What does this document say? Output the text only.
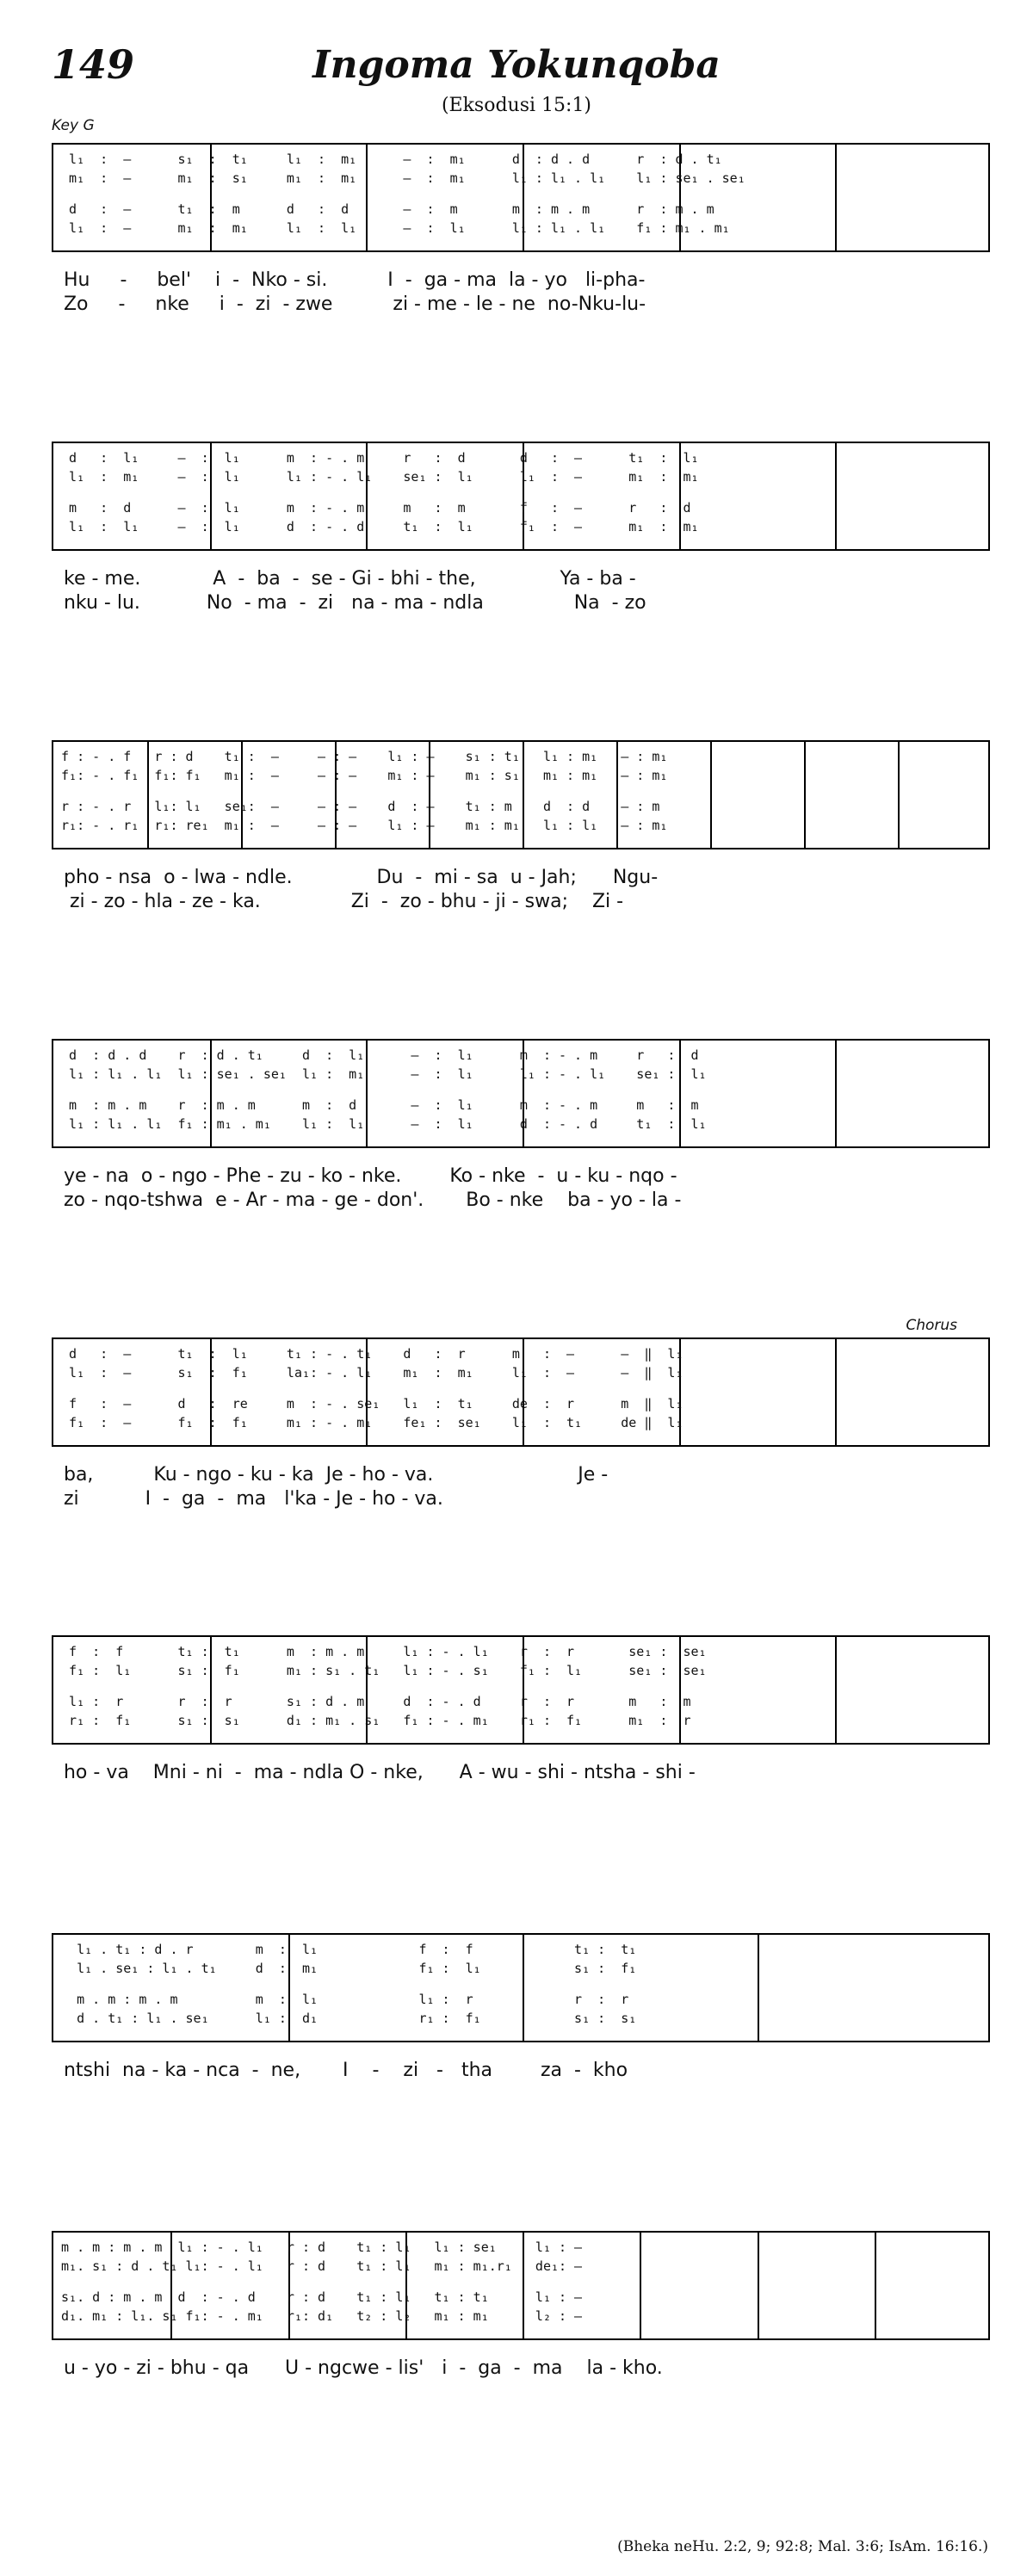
149	Ingoma Yokunqoba
(Eksodusi 15:1)
Key G
l₁  :  —      s₁  :  t₁     l₁  :  m₁      —  :  m₁      d  : d . d      r  : d . t₁
m₁  :  —      m₁  :  s₁     m₁  :  m₁      —  :  m₁      l₁ : l₁ . l₁    l₁ : se₁ . se₁
d   :  —      t₁  :  m      d   :  d       —  :  m       m  : m . m      r  : m . m
l₁  :  —      m₁  :  m₁     l₁  :  l₁      —  :  l₁      l₁ : l₁ . l₁    f₁ : m₁ . m₁
Hu     -     bel'    i  -  Nko - si.          I  -  ga - ma  la - yo   li-pha-
Zo     -     nke     i  -  zi  - zwe          zi - me - le - ne  no-Nku-lu-
d   :  l₁     —  :  l₁      m  : - . m     r   :  d       d   :  —      t₁  :  l₁
l₁  :  m₁     —  :  l₁      l₁ : - . l₁    se₁ :  l₁      l₁  :  —      m₁  :  m₁
m   :  d      —  :  l₁      m  : - . m     m   :  m       f   :  —      r   :  d
l₁  :  l₁     —  :  l₁      d  : - . d     t₁  :  l₁      f₁  :  —      m₁  :  m₁
ke - me.            A  -  ba  -  se - Gi - bhi - the,              Ya - ba -
nku - lu.           No  - ma  -  zi   na - ma - ndla               Na  - zo
f : - . f   r : d    t₁ :  —     — : —    l₁ : —    s₁ : t₁   l₁ : m₁   — : m₁
f₁: - . f₁  f₁: f₁   m₁ :  —     — : —    m₁ : —    m₁ : s₁   m₁ : m₁   — : m₁
r : - . r   l₁: l₁   se₁:  —     — : —    d  : —    t₁ : m    d  : d    — : m
r₁: - . r₁  r₁: re₁  m₁ :  —     — : —    l₁ : —    m₁ : m₁   l₁ : l₁   — : m₁
pho - nsa  o - lwa - ndle.              Du  -  mi - sa  u - Jah;      Ngu-
zi - zo - hla - ze - ka.               Zi  -  zo - bhu - ji - swa;    Zi -
d  : d . d    r  : d . t₁     d  :  l₁      —  :  l₁      m  : - . m     r   :  d
l₁ : l₁ . l₁  l₁ : se₁ . se₁  l₁ :  m₁      —  :  l₁      l₁ : - . l₁    se₁ :  l₁
m  : m . m    r  : m . m      m  :  d       —  :  l₁      m  : - . m     m   :  m
l₁ : l₁ . l₁  f₁ : m₁ . m₁    l₁ :  l₁      —  :  l₁      d  : - . d     t₁  :  l₁
ye - na  o - ngo - Phe - zu - ko - nke.        Ko - nke  -  u - ku - nqo -
zo - nqo-tshwa  e - Ar - ma - ge - don'.       Bo - nke    ba - yo - la -
d   :  —      t₁  :  l₁     t₁ : - . t₁    d   :  r      m   :  —      —  ‖  l₁
l₁  :  —      s₁  :  f₁     la₁: - . l₁    m₁  :  m₁     l₁  :  —      —  ‖  l₁
f   :  —      d   :  re     m  : - . se₁   l₁  :  t₁     de  :  r      m  ‖  l₁
f₁  :  —      f₁  :  f₁     m₁ : - . m₁    fe₁ :  se₁    l₁  :  t₁     de ‖  l₁
ba,          Ku - ngo - ku - ka  Je - ho - va.                        Je -
zi           I  -  ga  -  ma   l'ka - Je - ho - va.
Chorus
f  :  f       t₁ :  t₁      m  : m . m     l₁ : - . l₁    r  :  r       se₁ :  se₁
f₁ :  l₁      s₁ :  f₁      m₁ : s₁ . t₁   l₁ : - . s₁    f₁ :  l₁      se₁ :  se₁
l₁ :  r       r  :  r       s₁ : d . m     d  : - . d     r  :  r       m   :  m
r₁ :  f₁      s₁ :  s₁      d₁ : m₁ . s₁   f₁ : - . m₁    r₁ :  f₁      m₁  :  r
ho - va    Mni - ni  -  ma - ndla O - nke,      A - wu - shi - ntsha - shi -
l₁ . t₁ : d . r        m  :  l₁             f  :  f             t₁ :  t₁
l₁ . se₁ : l₁ . t₁     d  :  m₁             f₁ :  l₁            s₁ :  f₁
m . m : m . m          m  :  l₁             l₁ :  r             r  :  r
d . t₁ : l₁ . se₁      l₁ :  d₁             r₁ :  f₁            s₁ :  s₁
ntshi  na - ka - nca  -  ne,       I    -    zi   -   tha        za  -  kho
m . m : m . m  l₁ : - . l₁   r : d    t₁ : l₁   l₁ : se₁     l₁ : —
m₁. s₁ : d . t₁ l₁: - . l₁   r : d    t₁ : l₁   m₁ : m₁.r₁   de₁: —
s₁. d : m . m  d  : - . d    r : d    t₁ : l₁   t₁ : t₁      l₁ : —
d₁. m₁ : l₁. s₁ f₁: - . m₁   r₁: d₁   t₂ : l₂   m₁ : m₁      l₂ : —
u - yo - zi - bhu - qa      U - ngcwe - lis'   i  -  ga  -  ma    la - kho.
(Bheka neHu. 2:2, 9; 92:8; Mal. 3:6; IsAm. 16:16.)
